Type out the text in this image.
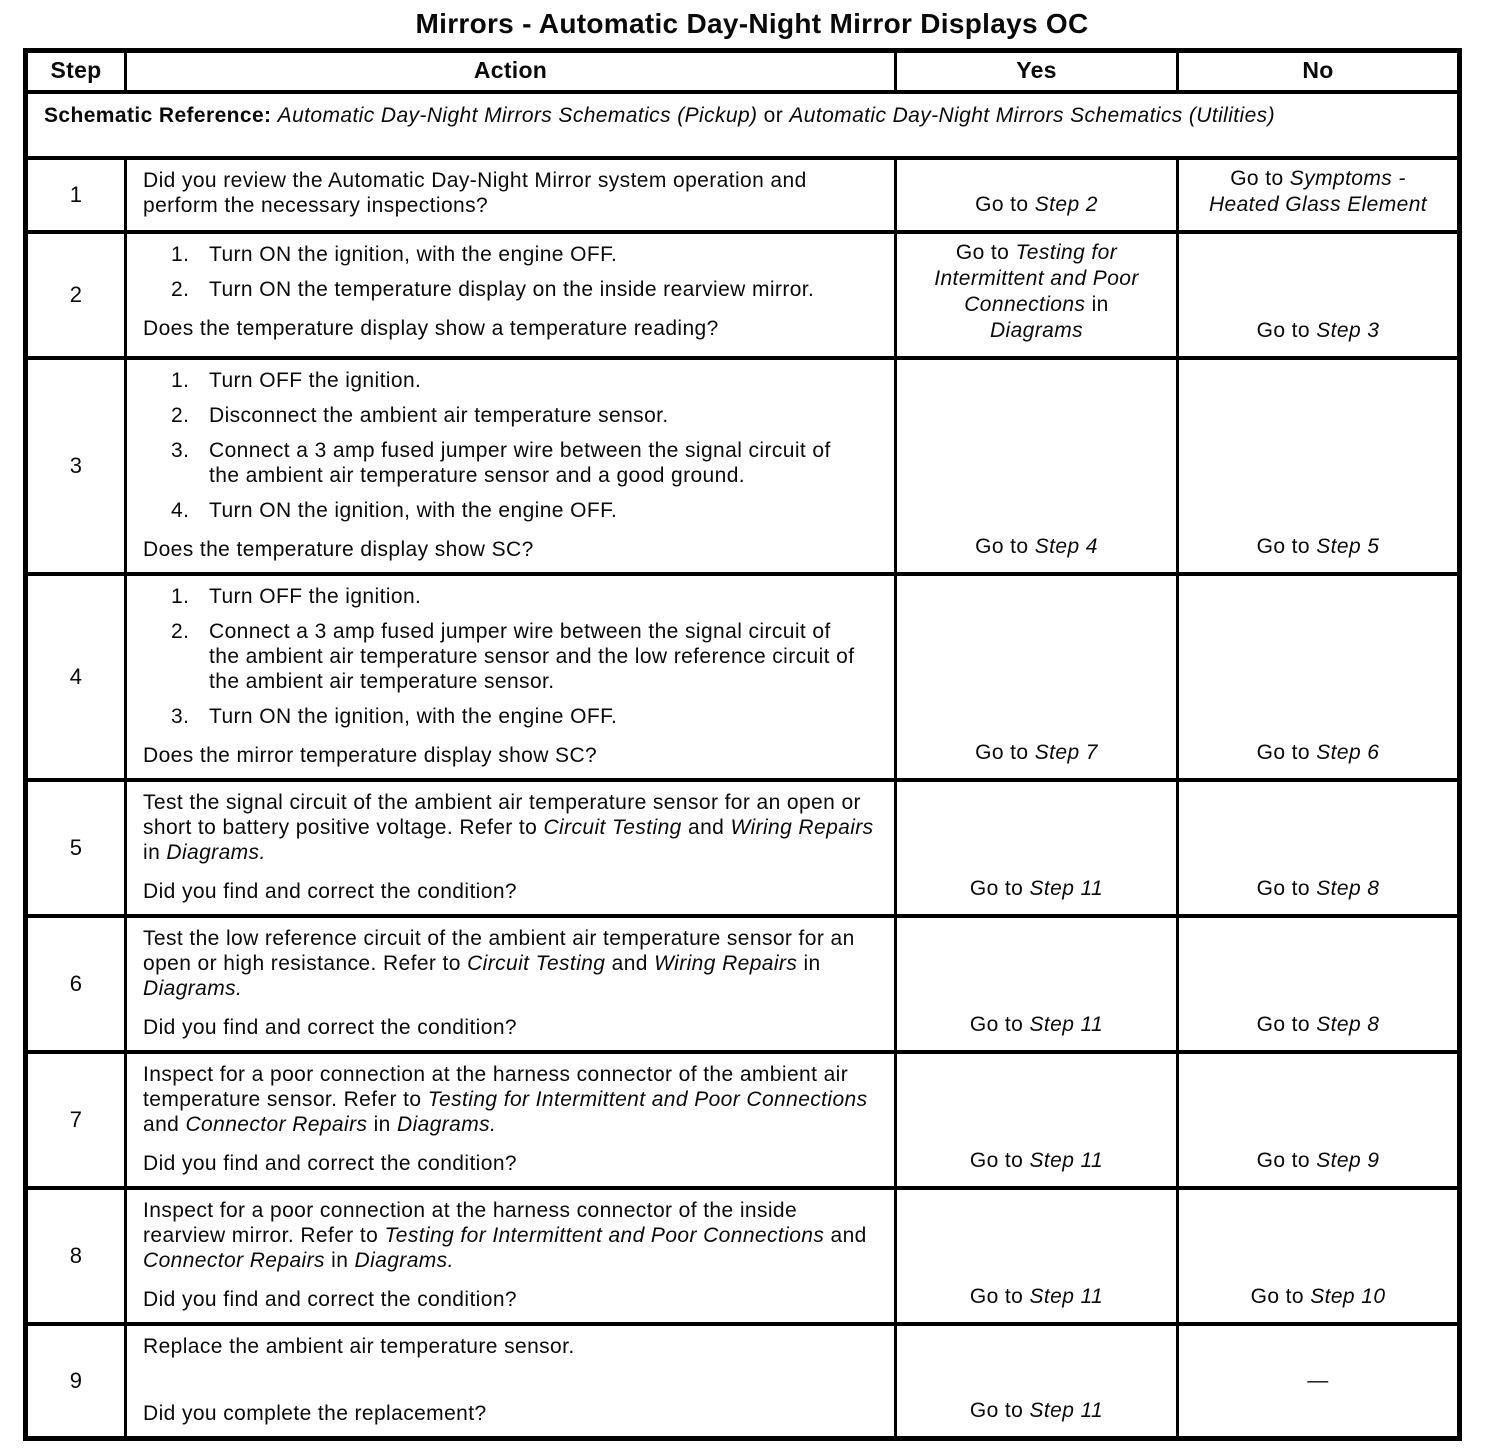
Mirrors - Automatic Day-Night Mirror Displays OC
Step	Action	Yes	No
Schematic Reference: Automatic Day-Night Mirrors Schematics (Pickup) or Automatic Day-Night Mirrors Schematics (Utilities)			
1	Did you review the Automatic Day-Night Mirror system operation and perform the necessary inspections?	Go to Step 2	Go to Symptoms - Heated Glass Element
2	1. Turn ON the ignition, with the engine OFF.
2. Turn ON the temperature display on the inside rearview mirror.

Does the temperature display show a temperature reading?	Go to Testing for Intermittent and Poor Connections in Diagrams	Go to Step 3
3	
1. Turn OFF the ignition.
2. Disconnect the ambient air temperature sensor.
3. Connect a 3 amp fused jumper wire between the signal circuit of the ambient air temperature sensor and a good ground.
4. Turn ON the ignition, with the engine OFF.

Does the temperature display show SC?	Go to Step 4	Go to Step 5
4	
1. Turn OFF the ignition.
2. Connect a 3 amp fused jumper wire between the signal circuit of the ambient air temperature sensor and the low reference circuit of the ambient air temperature sensor.
3. Turn ON the ignition, with the engine OFF.

Does the mirror temperature display show SC?	Go to Step 7	Go to Step 6
5	Test the signal circuit of the ambient air temperature sensor for an open or short to battery positive voltage. Refer to Circuit Testing and Wiring Repairs in Diagrams.

Did you find and correct the condition?	Go to Step 11	Go to Step 8
6	Test the low reference circuit of the ambient air temperature sensor for an open or high resistance. Refer to Circuit Testing and Wiring Repairs in Diagrams.

Did you find and correct the condition?	Go to Step 11	Go to Step 8
7	Inspect for a poor connection at the harness connector of the ambient air temperature sensor. Refer to Testing for Intermittent and Poor Connections and Connector Repairs in Diagrams.

Did you find and correct the condition?	Go to Step 11	Go to Step 9
8	Inspect for a poor connection at the harness connector of the inside rearview mirror. Refer to Testing for Intermittent and Poor Connections and Connector Repairs in Diagrams.

Did you find and correct the condition?	Go to Step 11	Go to Step 10
9	Replace the ambient air temperature sensor.

Did you complete the replacement?	Go to Step 11	—
